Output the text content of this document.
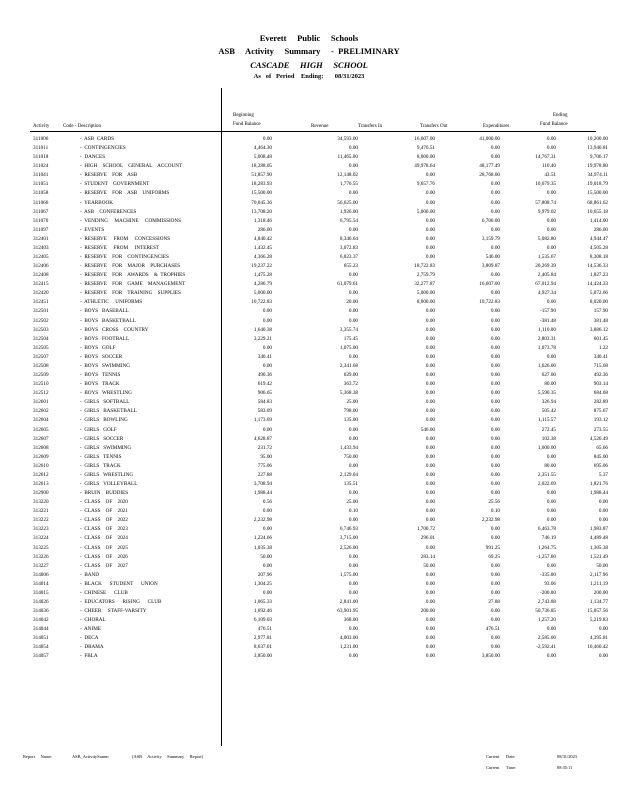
Everett     Public     Schools
ASB     Activity     Summary     -  PRELIMINARY
CASCADE     HIGH     SCHOOL
As   of   Period    Ending:       08/31/2023
Activity	Code - Description
Beginning
Fund Balance	Revenue	Transfers In	Transfers Out	Expenditures
Ending
Fund Balance
311006	-  ASB  CARDS	0.00	34,593.00	16,607.00	41,000.00	0.00	10,200.00
311011	-  CONTINGENCIES	4,464.30	0.00	9,476.51	0.00	0.00	13,940.81
311018	-  DANCES	5,008.48	11,465.00	8,000.00	0.00	14,767.31	9,706.17
311024	-  HIGH    SCHOOL    GENERAL    ACCOUNT	18,288.05	0.00	49,978.64	48,177.49	110.40	19,978.80
311041	-  RESERVE    FOR    ASB	51,857.90	12,148.02	0.00	28,768.00	43.51	34,974.11
311051	-  STUDENT    GOVERNMENT	18,283.93	1,776.55	9,657.76	0.00	10,679.35	19,018.79
311058	-  RESERVE    FOR    ASB    UNIFORMS	15,500.00	0.00	0.00	0.00	0.00	15,500.00
311066	-  YEARBOOK	70,045.36	56,625.00	0.00	0.00	57,808.74	68,861.62
311067	-  ASB    CONFERENCES	13,708.20	1,926.00	5,000.00	0.00	9,979.02	10,655.18
311070	-  VENDING     MACHINE     COMMISSIONS	1,318.46	6,795.54	0.00	6,700.00	0.00	1,414.00
311097	-  EVENTS	286.00	0.00	0.00	0.00	0.00	286.00
312401	-  RESERVE     FROM     CONCESSIONS	4,840.42	8,346.64	0.00	3,159.79	5,082.80	4,944.47
312403	-  RESERVE     FROM     INTEREST	1,432.45	3,072.83	0.00	0.00	0.00	4,505.28
312405	-  RESERVE    FOR    CONTINGENCIES	4,366.28	6,023.37	0.00	546.00	1,535.67	8,308.18
312406	-  RESERVE    FOR    MAJOR    PURCHASES	19,237.22	655.23	18,722.83	3,809.87	20,269.39	14,536.33
312408	-  RESERVE    FOR    AWARDS    &  TROPHIES	1,475.28	0.00	2,759.79	0.00	2,405.84	1,827.23
312415	-  RESERVE    FOR    GAME    MANAGEMENT	4,286.79	61,079.61	32,277.87	16,607.00	67,012.94	14,424.33
312420	-  RESERVE    FOR    TRAINING    SUPPLIES	5,000.00	0.00	5,000.00	0.00	4,927.34	5,072.66
312451	-  ATHLETIC     UNIFORMS	10,722.83	20.00	8,000.00	10,722.83	0.00	8,020.00
312501	-  BOYS   BASEBALL	0.00	0.00	0.00	0.00	-157.90	157.90
312502	-  BOYS   BASKETBALL	0.00	0.00	0.00	0.00	-381.48	381.48
312503	-  BOYS   CROSS    COUNTRY	1,640.38	3,355.74	0.00	0.00	1,110.00	3,886.12
312504	-  BOYS   FOOTBALL	3,229.21	175.45	0.00	0.00	2,803.31	601.45
312505	-  BOYS   GOLF	0.00	1,075.00	0.00	0.00	1,073.78	1.22
312507	-  BOYS   SOCCER	340.41	0.00	0.00	0.00	0.00	340.41
312508	-  BOYS   SWIMMING	0.00	2,341.68	0.00	0.00	1,626.00	715.68
312509	-  BOYS   TENNIS	490.36	629.00	0.00	0.00	627.00	492.36
312510	-  BOYS   TRACK	619.42	363.72	0.00	0.00	80.00	903.14
312512	-  BOYS   WRESTLING	906.65	5,368.38	0.00	0.00	5,590.35	684.68
312601	-  GIRLS   SOFTBALL	584.83	25.00	0.00	0.00	326.94	282.89
312602	-  GIRLS   BASKETBALL	583.09	798.00	0.00	0.00	505.42	875.67
312604	-  GIRLS   BOWLING	1,173.69	135.00	0.00	0.00	1,115.57	193.12
312605	-  GIRLS   GOLF	0.00	0.00	546.00	0.00	272.45	273.55
312607	-  GIRLS   SOCCER	4,628.87	0.00	0.00	0.00	102.38	4,526.49
312608	-  GIRLS   SWIMMING	231.72	1,433.94	0.00	0.00	1,600.00	65.66
312609	-  GIRLS   TENNIS	95.00	750.00	0.00	0.00	0.00	845.00
312610	-  GIRLS   TRACK	775.06	0.00	0.00	0.00	80.00	695.06
312612	-  GIRLS   WRESTLING	227.88	2,129.04	0.00	0.00	2,351.55	5.37
312613	-  GIRLS   VOLLEYBALL	3,708.94	135.51	0.00	0.00	2,022.69	1,821.76
312900	-  BRUIN    BUDDIES	1,988.44	0.00	0.00	0.00	0.00	1,988.44
313220	-  CLASS    OF    2020	0.56	25.00	0.00	25.56	0.00	0.00
313221	-  CLASS    OF    2021	0.00	0.10	0.00	0.10	0.00	0.00
313222	-  CLASS    OF    2022	2,232.98	0.00	0.00	2,232.98	0.00	0.00
313223	-  CLASS    OF    2023	0.00	6,746.93	1,700.72	0.00	6,463.78	1,983.87
313224	-  CLASS    OF    2024	1,224.66	3,715.00	296.01	0.00	746.19	4,489.48
313225	-  CLASS    OF    2025	1,035.38	2,526.00	0.00	991.25	1,264.75	1,305.38
313226	-  CLASS    OF    2026	50.00	0.00	283.14	69.25	-1,257.60	1,521.49
313227	-  CLASS    OF    2027	0.00	0.00	50.00	0.00	0.00	50.00
314006	-  BAND	207.96	1,575.00	0.00	0.00	-335.00	2,117.96
314014	-  BLACK      STUDENT      UNION	1,304.25	0.00	0.00	0.00	93.06	1,211.19
314015	-  CHINESE      CLUB	0.00	0.00	0.00	0.00	-200.00	200.00
314026	-  EDUCATORS      RISING      CLUB	1,065.33	2,841.00	0.00	27.88	2,743.88	1,134.77
314036	-  CHEER     STAFF-VARSITY	1,692.46	63,901.95	200.00	0.00	50,736.85	15,057.56
314042	-  CHORAL	6,109.03	368.00	0.00	0.00	1,257.20	5,219.83
314044	-  ANIME	476.51	0.00	0.00	476.51	0.00	0.00
314051	-  DECA	2,977.81	4,003.00	0.00	0.00	2,585.00	4,395.81
314054	-  DRAMA	8,637.01	1,231.00	0.00	0.00	-2,592.41	10,460.42
314057	-  FBLA	3,850.00	0.00	0.00	3,850.00	0.00	0.00
Report     Name:	ASB_ActivitySumm	(ASB     Activity     Summary     Report)	Current      Date:	08/31/2023
Current      Time:	08:35:11
